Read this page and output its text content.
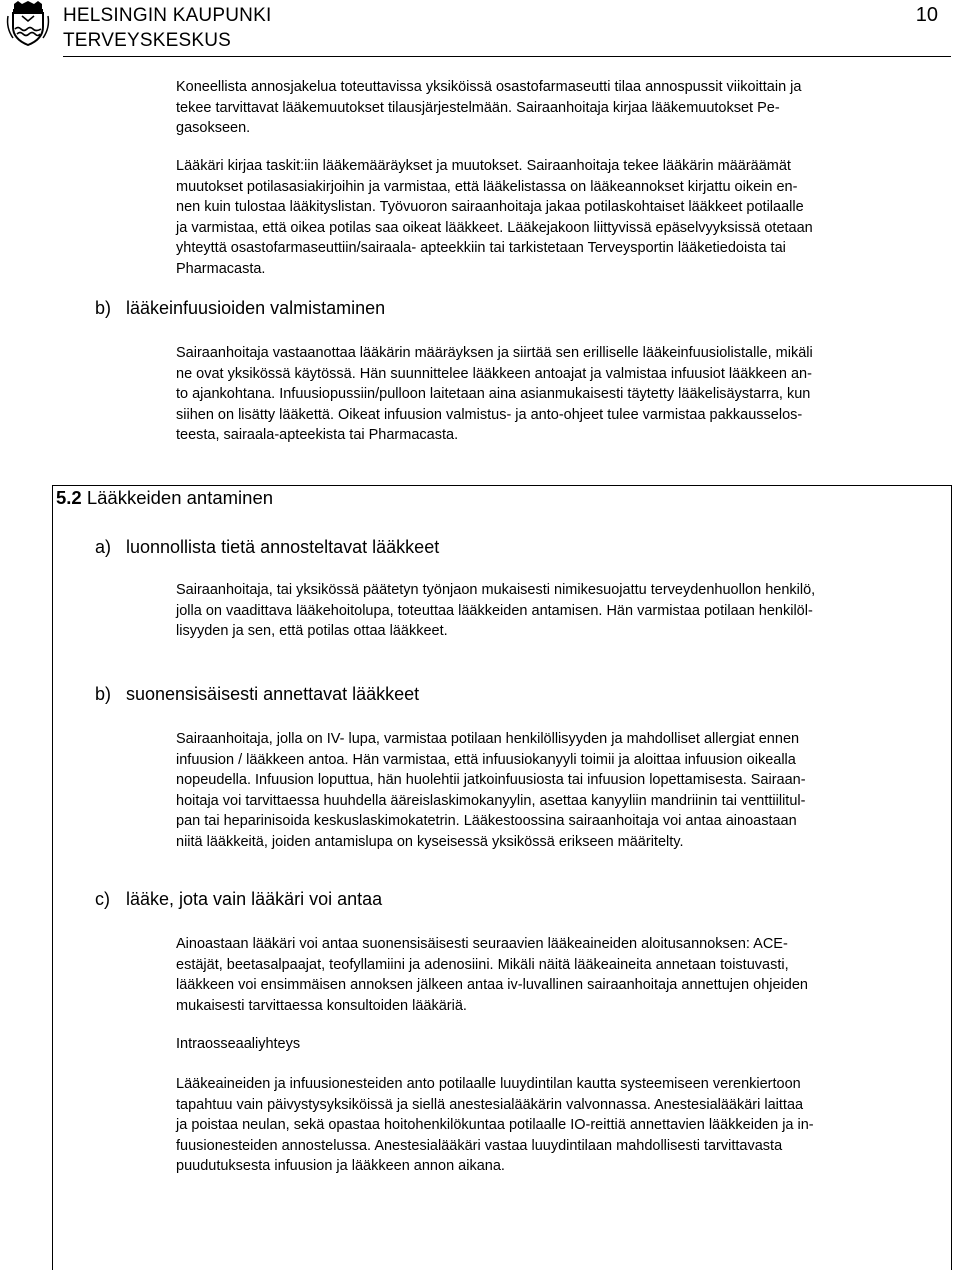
HELSINGIN KAUPUNKI
TERVEYSKESKUS
10
Koneellista annosjakelua toteuttavissa yksiköissä osastofarmaseutti tilaa annospussit viikoittain ja
tekee tarvittavat lääkemuutokset tilausjärjestelmään. Sairaanhoitaja kirjaa lääkemuutokset Pe-
gasokseen.
Lääkäri kirjaa taskit:iin lääkemääräykset ja muutokset. Sairaanhoitaja tekee lääkärin määräämät
muutokset potilasasiakirjoihin ja varmistaa, että lääkelistassa on lääkeannokset kirjattu oikein en-
nen kuin tulostaa lääkityslistan. Työvuoron sairaanhoitaja jakaa potilaskohtaiset lääkkeet potilaalle
ja varmistaa, että oikea potilas saa oikeat lääkkeet. Lääkejakoon liittyvissä epäselvyyksissä otetaan
yhteyttä osastofarmaseuttiin/sairaala- apteekkiin tai tarkistetaan Terveysportin lääketiedoista tai
Pharmacasta.
b) lääkeinfuusioiden valmistaminen
Sairaanhoitaja vastaanottaa lääkärin määräyksen ja siirtää sen erilliselle lääkeinfuusiolistalle, mikäli
ne ovat yksikössä käytössä. Hän suunnittelee lääkkeen antoajat ja valmistaa infuusiot lääkkeen an-
to ajankohtana. Infuusiopussiin/pulloon laitetaan aina asianmukaisesti täytetty lääkelisäystarra, kun
siihen on lisätty lääkettä. Oikeat infuusion valmistus- ja anto-ohjeet tulee varmistaa pakkausselos-
teesta, sairaala-apteekista tai Pharmacasta.
5.2 Lääkkeiden antaminen
a) luonnollista tietä annosteltavat lääkkeet
Sairaanhoitaja, tai yksikössä päätetyn työnjaon mukaisesti nimikesuojattu terveydenhuollon henkilö,
jolla on vaadittava lääkehoitolupa, toteuttaa lääkkeiden antamisen. Hän varmistaa potilaan henkilöl-
lisyyden ja sen, että potilas ottaa lääkkeet.
b) suonensisäisesti annettavat lääkkeet
Sairaanhoitaja, jolla on IV- lupa, varmistaa potilaan henkilöllisyyden ja mahdolliset allergiat ennen
infuusion / lääkkeen antoa. Hän varmistaa, että infuusiokanyyli toimii ja aloittaa infuusion oikealla
nopeudella. Infuusion loputtua, hän huolehtii jatkoinfuusiosta tai infuusion lopettamisesta. Sairaan-
hoitaja voi tarvittaessa huuhdella ääreislaskimokanyylin, asettaa kanyyliin mandriinin tai venttiilitul-
pan tai heparinisoida keskuslaskimokatetrin. Lääkestoossina sairaanhoitaja voi antaa ainoastaan
niitä lääkkeitä, joiden antamislupa on kyseisessä yksikössä erikseen määritelty.
c) lääke, jota vain lääkäri voi antaa
Ainoastaan lääkäri voi antaa suonensisäisesti seuraavien lääkeaineiden aloitusannoksen: ACE-
estäjät, beetasalpaajat, teofyllamiini ja adenosiini. Mikäli näitä lääkeaineita annetaan toistuvasti,
lääkkeen voi ensimmäisen annoksen jälkeen antaa iv-luvallinen sairaanhoitaja annettujen ohjeiden
mukaisesti tarvittaessa konsultoiden lääkäriä.
Intraosseaaliyhteys
Lääkeaineiden ja infuusionesteiden anto potilaalle luuydintilan kautta systeemiseen verenkiertoon
tapahtuu vain päivystysyksiköissä ja siellä anestesialääkärin valvonnassa. Anestesialääkäri laittaa
ja poistaa neulan, sekä opastaa hoitohenkilökuntaa potilaalle IO-reittiä annettavien lääkkeiden ja in-
fuusionesteiden annostelussa. Anestesialääkäri vastaa luuydintilaan mahdollisesti tarvittavasta
puudutuksesta infuusion ja lääkkeen annon aikana.
